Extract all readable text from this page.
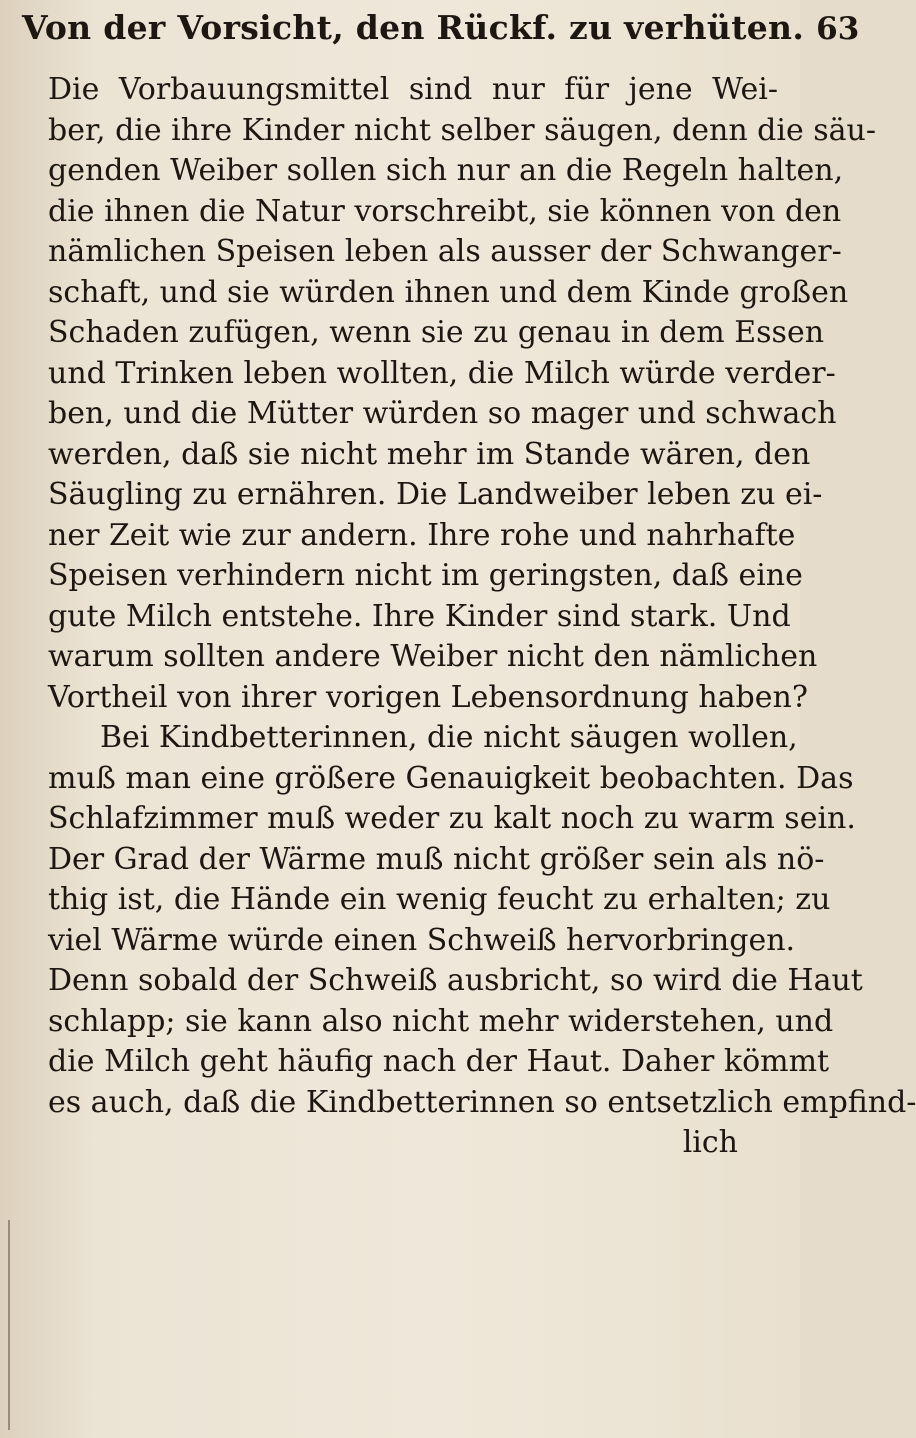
Von der Vorsicht, den Rückf. zu verhüten. 63
Die Vorbauungsmittel sind nur für jene Wei-
ber, die ihre Kinder nicht selber säugen, denn die säu-
genden Weiber sollen sich nur an die Regeln halten,
die ihnen die Natur vorschreibt, sie können von den
nämlichen Speisen leben als ausser der Schwanger-
schaft, und sie würden ihnen und dem Kinde großen
Schaden zufügen, wenn sie zu genau in dem Essen
und Trinken leben wollten, die Milch würde verder-
ben, und die Mütter würden so mager und schwach
werden, daß sie nicht mehr im Stande wären, den
Säugling zu ernähren. Die Landweiber leben zu ei-
ner Zeit wie zur andern. Ihre rohe und nahrhafte
Speisen verhindern nicht im geringsten, daß eine
gute Milch entstehe. Ihre Kinder sind stark. Und
warum sollten andere Weiber nicht den nämlichen
Vortheil von ihrer vorigen Lebensordnung haben?
Bei Kindbetterinnen, die nicht säugen wollen,
muß man eine größere Genauigkeit beobachten. Das
Schlafzimmer muß weder zu kalt noch zu warm sein.
Der Grad der Wärme muß nicht größer sein als nö-
thig ist, die Hände ein wenig feucht zu erhalten; zu
viel Wärme würde einen Schweiß hervorbringen.
Denn sobald der Schweiß ausbricht, so wird die Haut
schlapp; sie kann also nicht mehr widerstehen, und
die Milch geht häufig nach der Haut. Daher kömmt
es auch, daß die Kindbetterinnen so entsetzlich empfind-
lich
